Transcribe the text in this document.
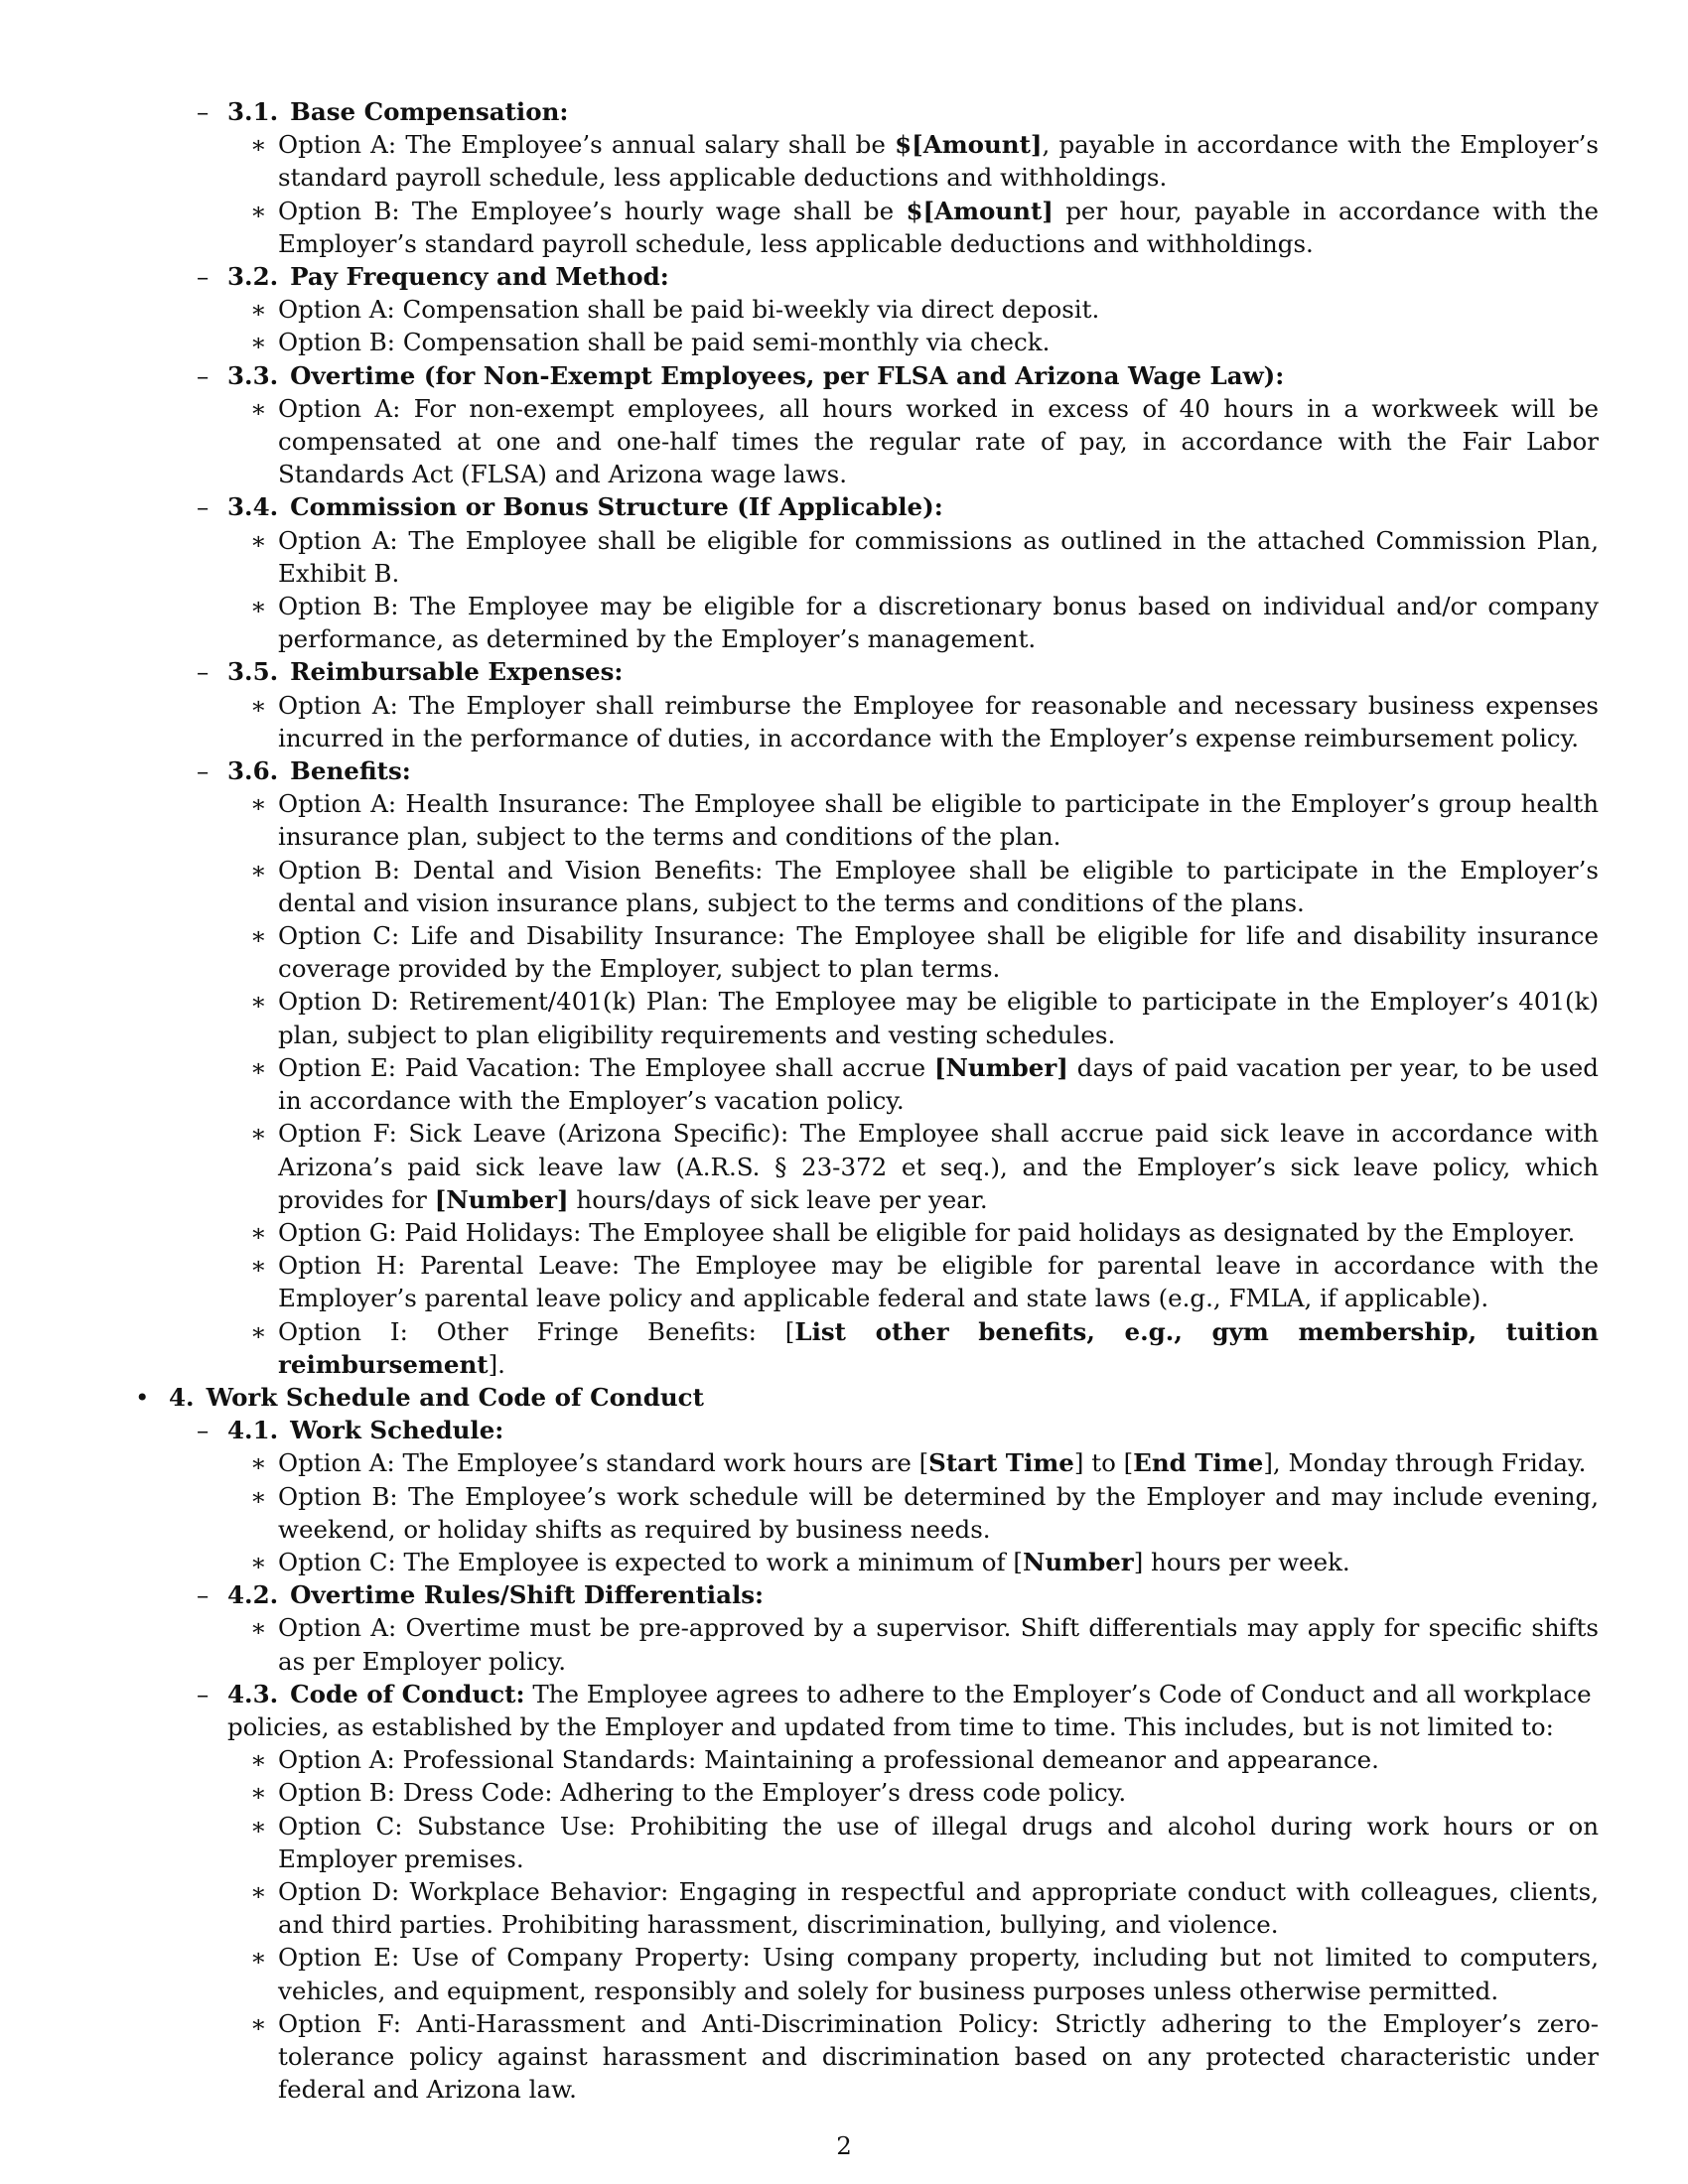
– 3.1. Base Compensation:
∗ Option A: The Employee’s annual salary shall be $[Amount], payable in accordance with the Employer’s standard payroll schedule, less applicable deductions and withholdings.
∗ Option B: The Employee’s hourly wage shall be $[Amount] per hour, payable in accordance with the Employer’s standard payroll schedule, less applicable deductions and withholdings.
– 3.2. Pay Frequency and Method:
∗ Option A: Compensation shall be paid bi-weekly via direct deposit.
∗ Option B: Compensation shall be paid semi-monthly via check.
– 3.3. Overtime (for Non-Exempt Employees, per FLSA and Arizona Wage Law):
∗ Option A: For non-exempt employees, all hours worked in excess of 40 hours in a workweek will be compensated at one and one-half times the regular rate of pay, in accordance with the Fair Labor Standards Act (FLSA) and Arizona wage laws.
– 3.4. Commission or Bonus Structure (If Applicable):
∗ Option A: The Employee shall be eligible for commissions as outlined in the attached Commission Plan, Exhibit B.
∗ Option B: The Employee may be eligible for a discretionary bonus based on individual and/or company performance, as determined by the Employer’s management.
– 3.5. Reimbursable Expenses:
∗ Option A: The Employer shall reimburse the Employee for reasonable and necessary business expenses incurred in the performance of duties, in accordance with the Employer’s expense reimbursement policy.
– 3.6. Benefits:
∗ Option A: Health Insurance: The Employee shall be eligible to participate in the Employer’s group health insurance plan, subject to the terms and conditions of the plan.
∗ Option B: Dental and Vision Benefits: The Employee shall be eligible to participate in the Employer’s dental and vision insurance plans, subject to the terms and conditions of the plans.
∗ Option C: Life and Disability Insurance: The Employee shall be eligible for life and disability insurance coverage provided by the Employer, subject to plan terms.
∗ Option D: Retirement/401(k) Plan: The Employee may be eligible to participate in the Employer’s 401(k) plan, subject to plan eligibility requirements and vesting schedules.
∗ Option E: Paid Vacation: The Employee shall accrue [Number] days of paid vacation per year, to be used in accordance with the Employer’s vacation policy.
∗ Option F: Sick Leave (Arizona Specific): The Employee shall accrue paid sick leave in accordance with Arizona’s paid sick leave law (A.R.S. § 23-372 et seq.), and the Employer’s sick leave policy, which provides for [Number] hours/days of sick leave per year.
∗ Option G: Paid Holidays: The Employee shall be eligible for paid holidays as designated by the Employer.
∗ Option H: Parental Leave: The Employee may be eligible for parental leave in accordance with the Employer’s parental leave policy and applicable federal and state laws (e.g., FMLA, if applicable).
∗ Option I: Other Fringe Benefits: [List other benefits, e.g., gym membership, tuition reimbursement].
• 4. Work Schedule and Code of Conduct
– 4.1. Work Schedule:
∗ Option A: The Employee’s standard work hours are [Start Time] to [End Time], Monday through Friday.
∗ Option B: The Employee’s work schedule will be determined by the Employer and may include evening, weekend, or holiday shifts as required by business needs.
∗ Option C: The Employee is expected to work a minimum of [Number] hours per week.
– 4.2. Overtime Rules/Shift Differentials:
∗ Option A: Overtime must be pre-approved by a supervisor. Shift differentials may apply for specific shifts as per Employer policy.
– 4.3. Code of Conduct: The Employee agrees to adhere to the Employer’s Code of Conduct and all workplace policies, as established by the Employer and updated from time to time. This includes, but is not limited to:
∗ Option A: Professional Standards: Maintaining a professional demeanor and appearance.
∗ Option B: Dress Code: Adhering to the Employer’s dress code policy.
∗ Option C: Substance Use: Prohibiting the use of illegal drugs and alcohol during work hours or on Employer premises.
∗ Option D: Workplace Behavior: Engaging in respectful and appropriate conduct with colleagues, clients, and third parties. Prohibiting harassment, discrimination, bullying, and violence.
∗ Option E: Use of Company Property: Using company property, including but not limited to computers, vehicles, and equipment, responsibly and solely for business purposes unless otherwise permitted.
∗ Option F: Anti-Harassment and Anti-Discrimination Policy: Strictly adhering to the Employer’s zero-tolerance policy against harassment and discrimination based on any protected characteristic under federal and Arizona law.
2
